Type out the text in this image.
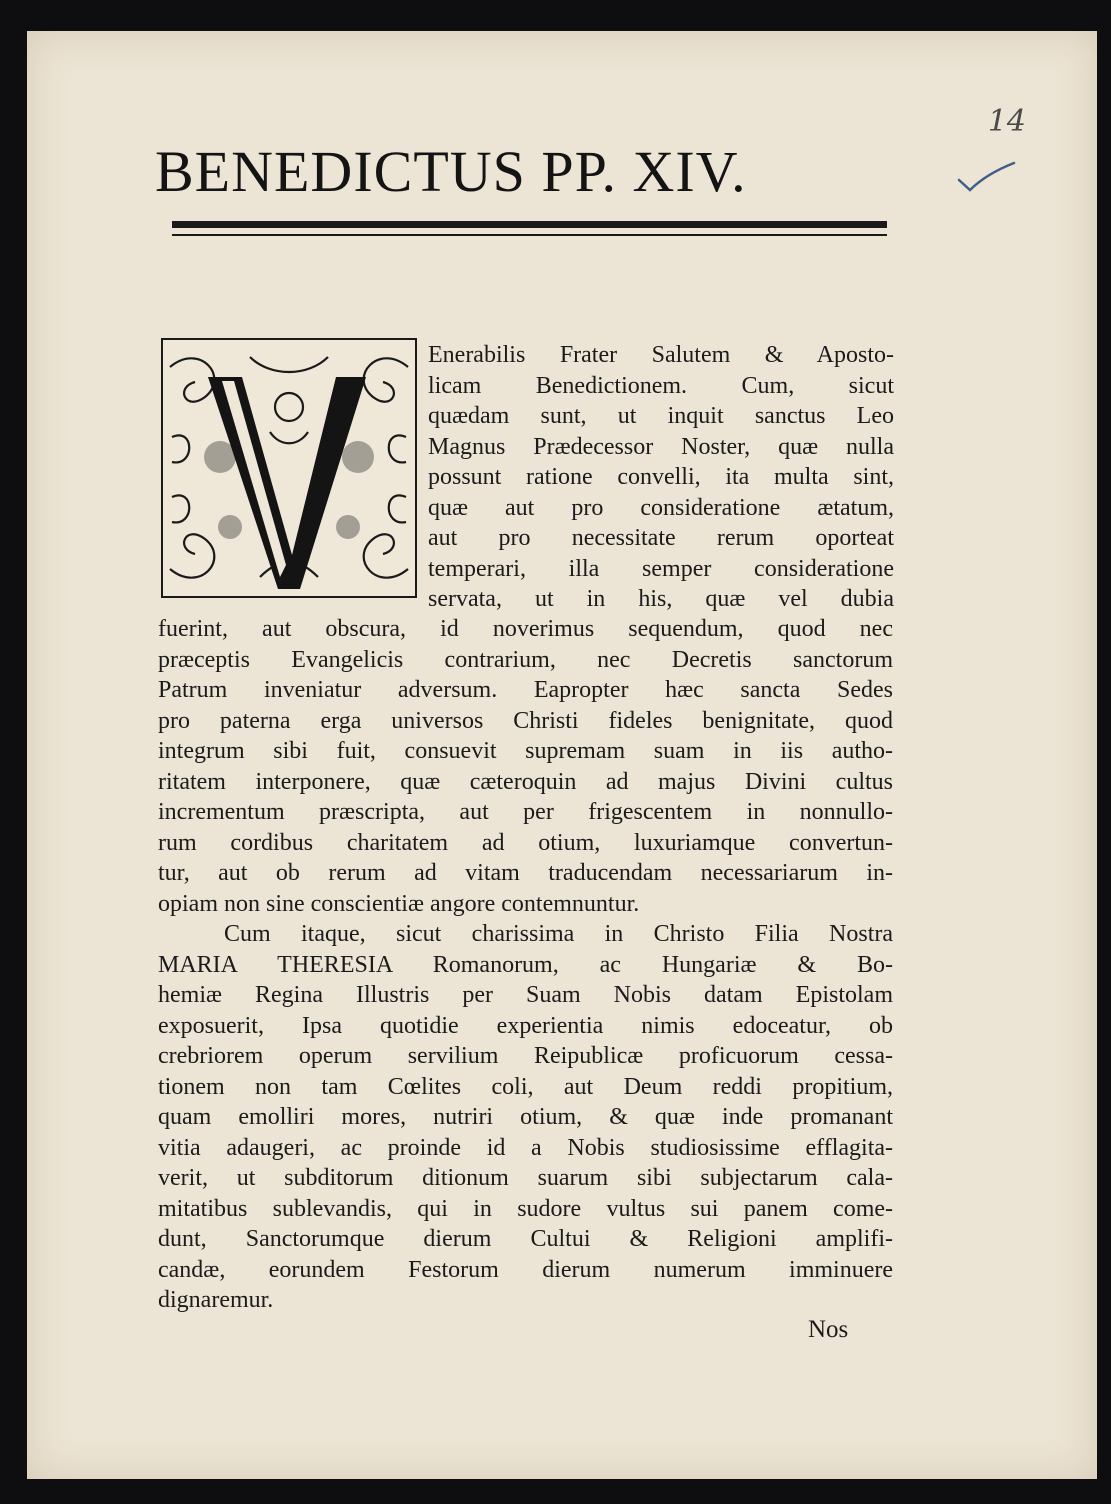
14
BENEDICTUS PP. XIV.
Enerabilis Frater Salutem & Aposto-
licam Benedictionem. Cum, sicut
quædam sunt, ut inquit sanctus Leo
Magnus Prædecessor Noster, quæ nulla
possunt ratione convelli, ita multa sint,
quæ aut pro consideratione ætatum,
aut pro necessitate rerum oporteat
temperari, illa semper consideratione
servata, ut in his, quæ vel dubia
fuerint, aut obscura, id noverimus sequendum, quod nec
præceptis Evangelicis contrarium, nec Decretis sanctorum
Patrum inveniatur adversum. Eapropter hæc sancta Sedes
pro paterna erga universos Christi fideles benignitate, quod
integrum sibi fuit, consuevit supremam suam in iis autho-
ritatem interponere, quæ cæteroquin ad majus Divini cultus
incrementum præscripta, aut per frigescentem in nonnullo-
rum cordibus charitatem ad otium, luxuriamque convertun-
tur, aut ob rerum ad vitam traducendam necessariarum in-
opiam non sine conscientiæ angore contemnuntur.
Cum itaque, sicut charissima in Christo Filia Nostra
MARIA THERESIA Romanorum, ac Hungariæ & Bo-
hemiæ Regina Illustris per Suam Nobis datam Epistolam
exposuerit, Ipsa quotidie experientia nimis edoceatur, ob
crebriorem operum servilium Reipublicæ proficuorum cessa-
tionem non tam Cœlites coli, aut Deum reddi propitium,
quam emolliri mores, nutriri otium, & quæ inde promanant
vitia adaugeri, ac proinde id a Nobis studiosissime efflagita-
verit, ut subditorum ditionum suarum sibi subjectarum cala-
mitatibus sublevandis, qui in sudore vultus sui panem come-
dunt, Sanctorumque dierum Cultui & Religioni amplifi-
candæ, eorundem Festorum dierum numerum imminuere
dignaremur.
Nos
